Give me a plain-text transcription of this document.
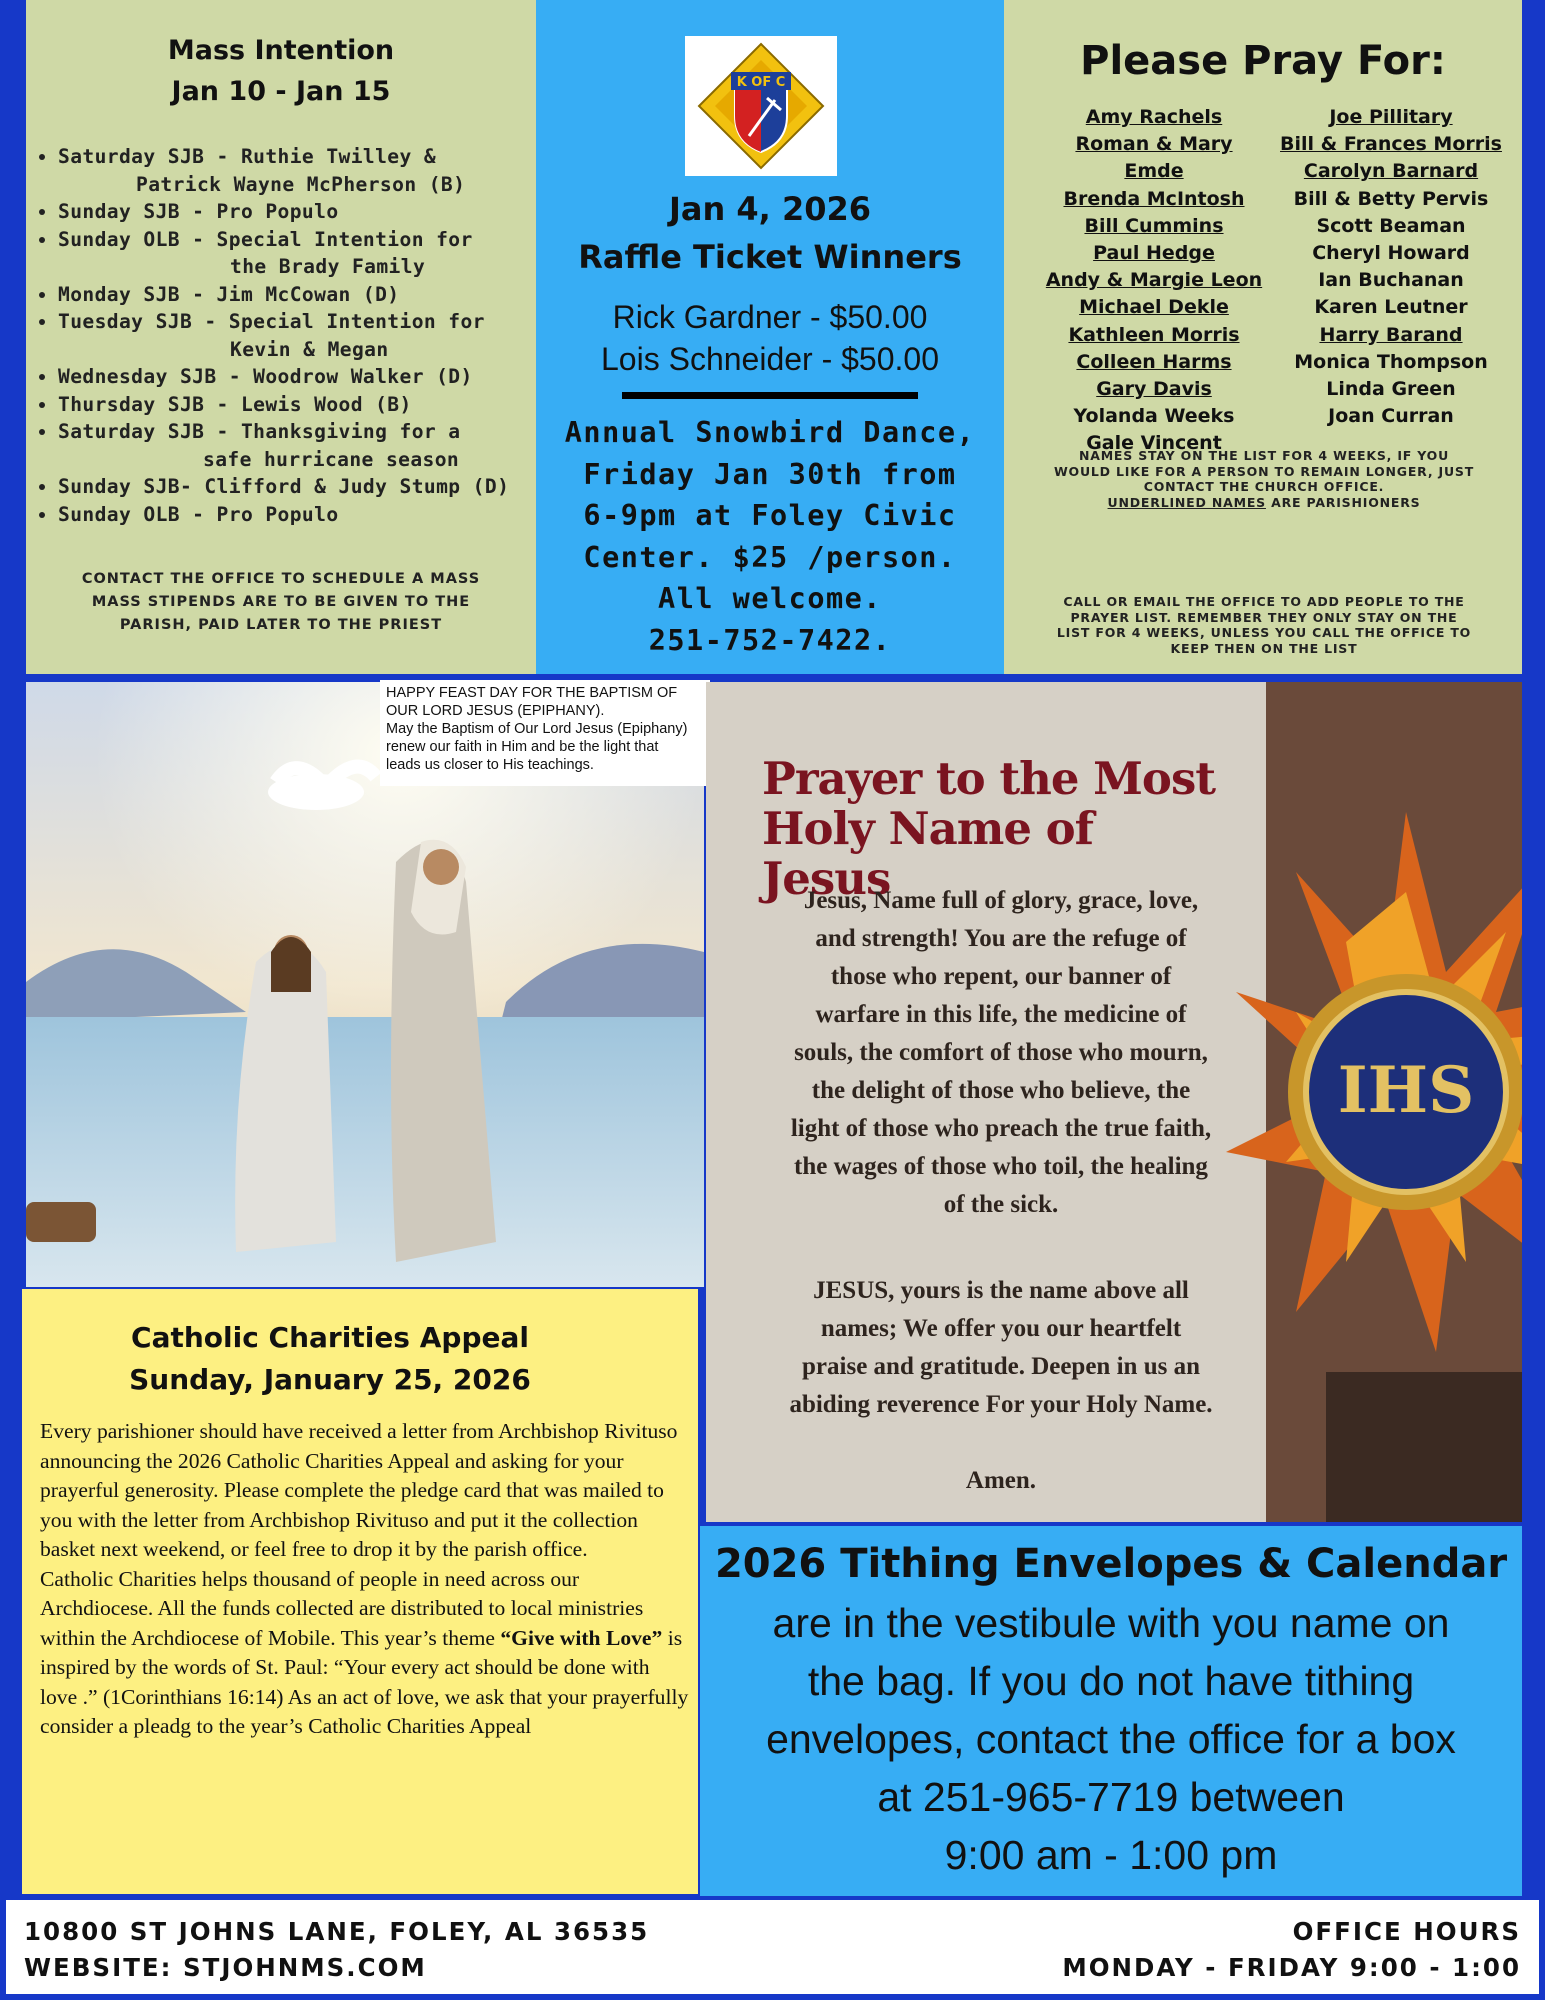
Mass Intention
Jan 10 - Jan 15
• Saturday SJB - Ruthie Twilley &
Patrick Wayne McPherson (B)
• Sunday SJB - Pro Populo
• Sunday OLB - Special Intention for
the Brady Family
• Monday SJB - Jim McCowan (D)
• Tuesday SJB - Special Intention for
Kevin & Megan
• Wednesday SJB - Woodrow Walker (D)
• Thursday SJB - Lewis Wood (B)
• Saturday SJB - Thanksgiving for a
safe hurricane season
• Sunday SJB- Clifford & Judy Stump (D)
• Sunday OLB - Pro Populo
CONTACT THE OFFICE TO SCHEDULE A MASS
MASS STIPENDS ARE TO BE GIVEN TO THE
PARISH, PAID LATER TO THE PRIEST
K OF C
Jan 4, 2026
Raffle Ticket Winners
Rick Gardner - $50.00
Lois Schneider - $50.00
Annual Snowbird Dance,
Friday Jan 30th from
6-9pm at Foley Civic
Center. $25 /person.
All welcome.
251-752-7422.
Please Pray For:
Amy Rachels
Roman & Mary Emde
Brenda McIntosh
Bill Cummins
Paul Hedge
Andy & Margie Leon
Michael Dekle
Kathleen Morris
Colleen Harms
Gary Davis
Yolanda Weeks
Gale Vincent
Joe Pillitary
Bill & Frances Morris
Carolyn Barnard
Bill & Betty Pervis
Scott Beaman
Cheryl Howard
Ian Buchanan
Karen Leutner
Harry Barand
Monica Thompson
Linda Green
Joan Curran
NAMES STAY ON THE LIST FOR 4 WEEKS, IF YOU
WOULD LIKE FOR A PERSON TO REMAIN LONGER, JUST
CONTACT THE CHURCH OFFICE.
UNDERLINED NAMES ARE PARISHIONERS
CALL OR EMAIL THE OFFICE TO ADD PEOPLE TO THE
PRAYER LIST. REMEMBER THEY ONLY STAY ON THE
LIST FOR 4 WEEKS, UNLESS YOU CALL THE OFFICE TO
KEEP THEN ON THE LIST
HAPPY FEAST DAY FOR THE BAPTISM OF
OUR LORD JESUS (EPIPHANY).
May the Baptism of Our Lord Jesus (Epiphany)
renew our faith in Him and be the light that
leads us closer to His teachings.
IHS
Prayer to the Most
Holy Name of Jesus
Jesus, Name full of glory, grace, love,
and strength! You are the refuge of
those who repent, our banner of
warfare in this life, the medicine of
souls, the comfort of those who mourn,
the delight of those who believe, the
light of those who preach the true faith,
the wages of those who toil, the healing
of the sick.
JESUS, yours is the name above all
names; We offer you our heartfelt
praise and gratitude. Deepen in us an
abiding reverence For your Holy Name.
Amen.
Catholic Charities Appeal
Sunday, January 25, 2026

Every parishioner should have received a letter from Archbishop Rivituso announcing the 2026 Catholic Charities Appeal and asking for your prayerful generosity. Please complete the pledge card that was mailed to you with the letter from Archbishop Rivituso and put it the collection basket next weekend, or feel free to drop it by the parish office.

Catholic Charities helps thousand of people in need across our Archdiocese. All the funds collected are distributed to local ministries within the Archdiocese of Mobile. This year’s theme “Give with Love” is inspired by the words of St. Paul: “Your every act should be done with love .” (1Corinthians 16:14) As an act of love, we ask that your prayerfully consider a pleadg to the year’s Catholic Charities Appeal

2026 Tithing Envelopes & Calendar
are in the vestibule with you name on
the bag. If you do not have tithing
envelopes, contact the office for a box
at 251-965-7719 between
9:00 am - 1:00 pm
10800 ST JOHNS LANE, FOLEY, AL 36535
WEBSITE: STJOHNMS.COM
OFFICE HOURS
MONDAY - FRIDAY 9:00 - 1:00
